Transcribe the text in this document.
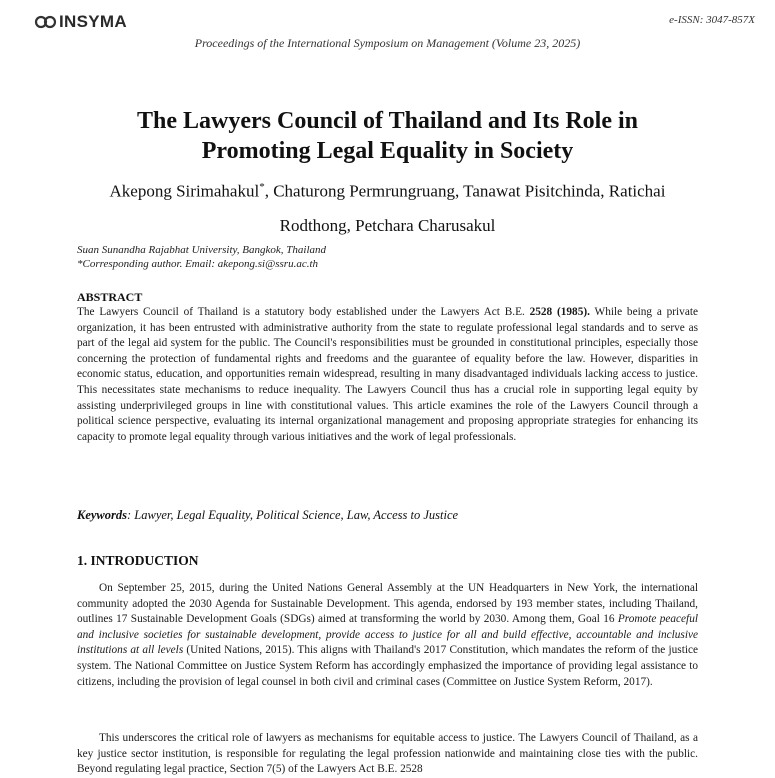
INSYMA	e-ISSN: 3047-857X
Proceedings of the International Symposium on Management (Volume 23, 2025)
The Lawyers Council of Thailand and Its Role in
Promoting Legal Equality in Society
Akepong Sirimahakul*, Chaturong Permrungruang, Tanawat Pisitchinda, Ratichai
Rodthong, Petchara Charusakul
Suan Sunandha Rajabhat University, Bangkok, Thailand
*Corresponding author. Email: akepong.si@ssru.ac.th
ABSTRACT
The Lawyers Council of Thailand is a statutory body established under the Lawyers Act B.E. 2528 (1985). While being a private organization, it has been entrusted with administrative authority from the state to regulate professional legal standards and to serve as part of the legal aid system for the public. The Council's responsibilities must be grounded in constitutional principles, especially those concerning the protection of fundamental rights and freedoms and the guarantee of equality before the law. However, disparities in economic status, education, and opportunities remain widespread, resulting in many disadvantaged individuals lacking access to justice. This necessitates state mechanisms to reduce inequality. The Lawyers Council thus has a crucial role in supporting legal equity by assisting underprivileged groups in line with constitutional values. This article examines the role of the Lawyers Council through a political science perspective, evaluating its internal organizational management and proposing appropriate strategies for enhancing its capacity to promote legal equality through various initiatives and the work of legal professionals.
Keywords: Lawyer, Legal Equality, Political Science, Law, Access to Justice
1. INTRODUCTION
On September 25, 2015, during the United Nations General Assembly at the UN Headquarters in New York, the international community adopted the 2030 Agenda for Sustainable Development. This agenda, endorsed by 193 member states, including Thailand, outlines 17 Sustainable Development Goals (SDGs) aimed at transforming the world by 2030. Among them, Goal 16 Promote peaceful and inclusive societies for sustainable development, provide access to justice for all and build effective, accountable and inclusive institutions at all levels (United Nations, 2015). This aligns with Thailand's 2017 Constitution, which mandates the reform of the justice system. The National Committee on Justice System Reform has accordingly emphasized the importance of providing legal assistance to citizens, including the provision of legal counsel in both civil and criminal cases (Committee on Justice System Reform, 2017).
This underscores the critical role of lawyers as mechanisms for equitable access to justice. The Lawyers Council of Thailand, as a key justice sector institution, is responsible for regulating the legal profession nationwide and maintaining close ties with the public. Beyond regulating legal practice, Section 7(5) of the Lawyers Act B.E. 2528
